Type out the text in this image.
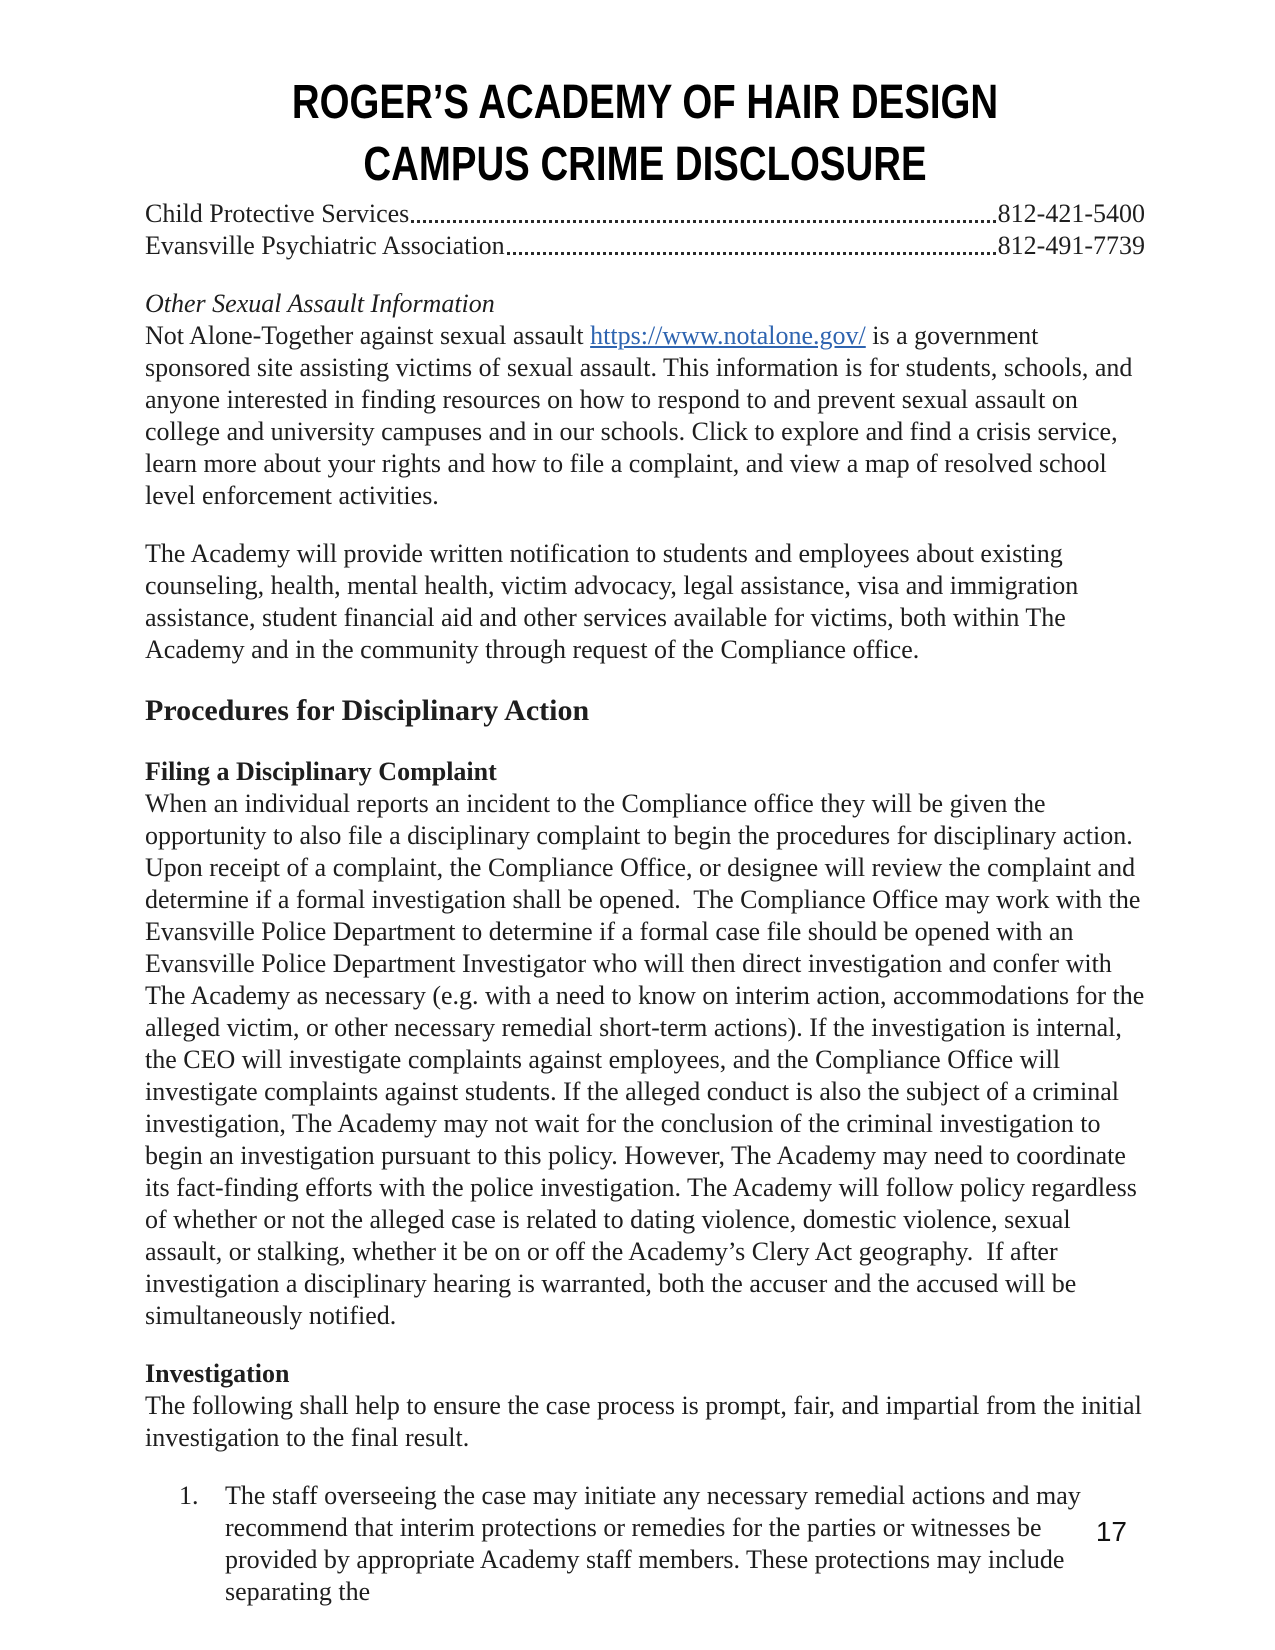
ROGER’S ACADEMY OF HAIR DESIGN
CAMPUS CRIME DISCLOSURE
Child Protective Services	812-421-5400
Evansville Psychiatric Association	812-491-7739
Other Sexual Assault Information

Not Alone-Together against sexual assault https://www.notalone.gov/ is a government sponsored site assisting victims of sexual assault. This information is for students, schools, and anyone interested in finding resources on how to respond to and prevent sexual assault on college and university campuses and in our schools. Click to explore and find a crisis service, learn more about your rights and how to file a complaint, and view a map of resolved school level enforcement activities.

The Academy will provide written notification to students and employees about existing counseling, health, mental health, victim advocacy, legal assistance, visa and immigration assistance, student financial aid and other services available for victims, both within The Academy and in the community through request of the Compliance office.

Procedures for Disciplinary Action
Filing a Disciplinary Complaint

When an individual reports an incident to the Compliance office they will be given the opportunity to also file a disciplinary complaint to begin the procedures for disciplinary action. Upon receipt of a complaint, the Compliance Office, or designee will review the complaint and determine if a formal investigation shall be opened.  The Compliance Office may work with the Evansville Police Department to determine if a formal case file should be opened with an Evansville Police Department Investigator who will then direct investigation and confer with The Academy as necessary (e.g. with a need to know on interim action, accommodations for the alleged victim, or other necessary remedial short-term actions). If the investigation is internal, the CEO will investigate complaints against employees, and the Compliance Office will investigate complaints against students. If the alleged conduct is also the subject of a criminal investigation, The Academy may not wait for the conclusion of the criminal investigation to begin an investigation pursuant to this policy. However, The Academy may need to coordinate its fact-finding efforts with the police investigation. The Academy will follow policy regardless of whether or not the alleged case is related to dating violence, domestic violence, sexual assault, or stalking, whether it be on or off the Academy’s Clery Act geography.  If after investigation a disciplinary hearing is warranted, both the accuser and the accused will be simultaneously notified.

Investigation

The following shall help to ensure the case process is prompt, fair, and impartial from the initial investigation to the final result.

1.	The staff overseeing the case may initiate any necessary remedial actions and may recommend that interim protections or remedies for the parties or witnesses be provided by appropriate Academy staff members. These protections may include separating the
17
